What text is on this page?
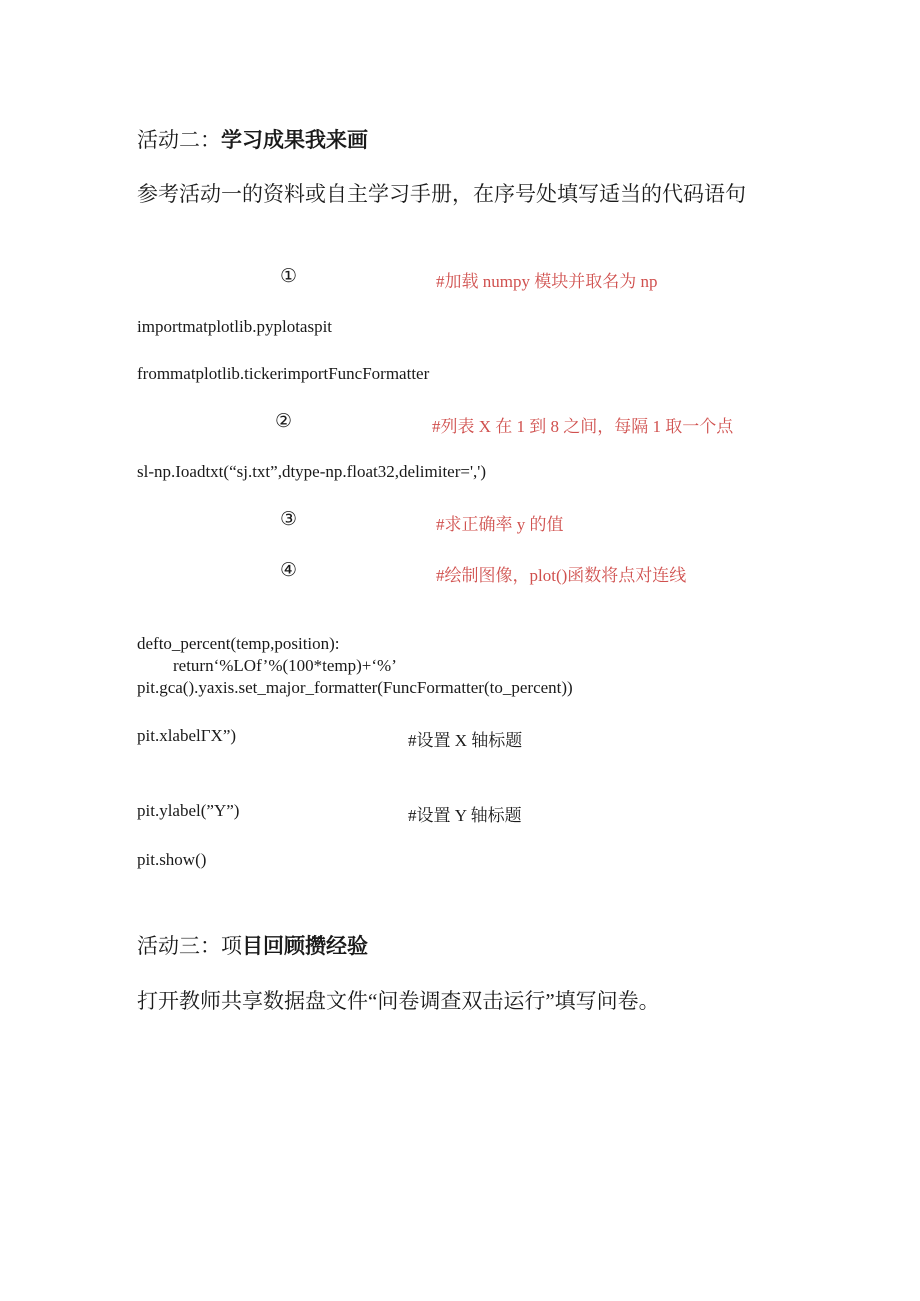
活动二：学习成果我来画
参考活动一的资料或自主学习手册，在序号处填写适当的代码语句
①	#加载 numpy 模块并取名为 np
importmatplotlib.pyplotaspit
frommatplotlib.tickerimportFuncFormatter
②	#列表 X 在 1 到 8 之间，每隔 1 取一个点
sl-np.Ioadtxt(“sj.txt”,dtype-np.float32,delimiter=',')
③	#求正确率 y 的值
④	#绘制图像，plot()函数将点对连线
defto_percent(temp,position):
return‘%LOf’%(100*temp)+‘%’
pit.gca().yaxis.set_major_formatter(FuncFormatter(to_percent))
pit.xlabelΓX”)	#设置 X 轴标题
pit.ylabel(”Y”)	#设置 Y 轴标题
pit.show()
活动三：项目回顾攒经验
打开教师共享数据盘文件“问卷调查双击运行”填写问卷。
